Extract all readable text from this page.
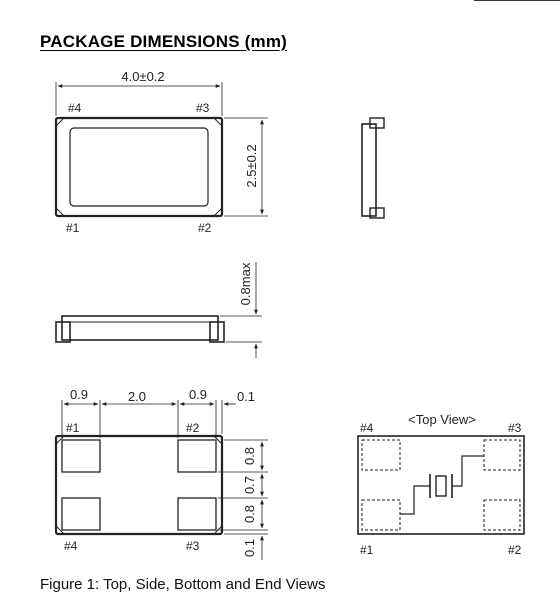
PACKAGE DIMENSIONS (mm)
4.0±0.2
2.5±0.2
#4	#3
#1	#2
0.8max
0.9	2.0	0.9 0.1
#1	#2
#4	#3
0.8
0.7
0.8
0.1
<Top View>
#4	#3
#1	#2
Figure 1: Top, Side, Bottom and End Views
